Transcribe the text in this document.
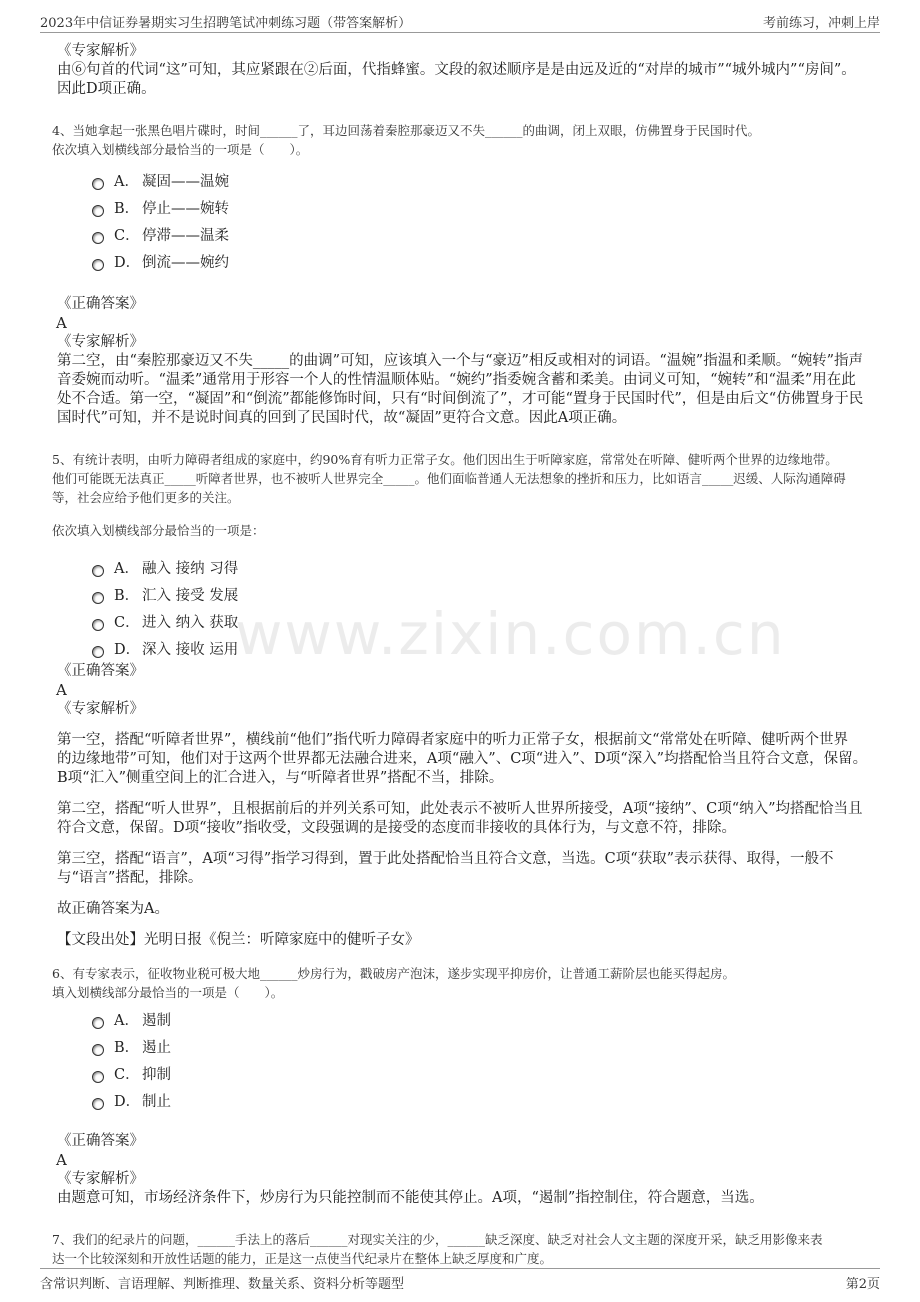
2023年中信证券暑期实习生招聘笔试冲刺练习题（带答案解析）	考前练习，冲刺上岸
www.zixin.com.cn

《专家解析》

由⑥句首的代词“这”可知，其应紧跟在②后面，代指蜂蜜。文段的叙述顺序是是由远及近的“对岸的城市”“城外城内”“房间”。

因此D项正确。

4、当她拿起一张黑色唱片碟时，时间______了，耳边回荡着秦腔那豪迈又不失______的曲调，闭上双眼，仿佛置身于民国时代。

依次填入划横线部分最恰当的一项是（　　）。

A． 凝固——温婉
B． 停止——婉转
C． 停滞——温柔
D． 倒流——婉约

《正确答案》

A

《专家解析》

第二空，由“秦腔那豪迈又不失_____的曲调”可知，应该填入一个与“豪迈”相反或相对的词语。“温婉”指温和柔顺。“婉转”指声

音委婉而动听。“温柔”通常用于形容一个人的性情温顺体贴。“婉约”指委婉含蓄和柔美。由词义可知，“婉转”和“温柔”用在此

处不合适。第一空，“凝固”和“倒流”都能修饰时间，只有“时间倒流了”，才可能“置身于民国时代”，但是由后文“仿佛置身于民

国时代”可知，并不是说时间真的回到了民国时代，故“凝固”更符合文意。因此A项正确。

5、有统计表明，由听力障碍者组成的家庭中，约90%育有听力正常子女。他们因出生于听障家庭，常常处在听障、健听两个世界的边缘地带。

他们可能既无法真正_____听障者世界，也不被听人世界完全_____。他们面临普通人无法想象的挫折和压力，比如语言_____迟缓、人际沟通障碍

等，社会应给予他们更多的关注。

依次填入划横线部分最恰当的一项是：

A． 融入 接纳 习得
B． 汇入 接受 发展
C． 进入 纳入 获取
D． 深入 接收 运用

《正确答案》

A

《专家解析》

第一空，搭配“听障者世界”，横线前“他们”指代听力障碍者家庭中的听力正常子女，根据前文“常常处在听障、健听两个世界

的边缘地带”可知，他们对于这两个世界都无法融合进来，A项“融入”、C项“进入”、D项“深入”均搭配恰当且符合文意，保留。

B项“汇入”侧重空间上的汇合进入，与“听障者世界”搭配不当，排除。

第二空，搭配“听人世界”，且根据前后的并列关系可知，此处表示不被听人世界所接受，A项“接纳”、C项“纳入”均搭配恰当且

符合文意，保留。D项“接收”指收受，文段强调的是接受的态度而非接收的具体行为，与文意不符，排除。

第三空，搭配“语言”，A项“习得”指学习得到，置于此处搭配恰当且符合文意，当选。C项“获取”表示获得、取得，一般不

与“语言”搭配，排除。

故正确答案为A。

【文段出处】光明日报《倪兰：听障家庭中的健听子女》

6、有专家表示，征收物业税可极大地______炒房行为，戳破房产泡沫，遂步实现平抑房价，让普通工薪阶层也能买得起房。

填入划横线部分最恰当的一项是（　　）。

A． 遏制
B． 遏止
C． 抑制
D． 制止

《正确答案》

A

《专家解析》

由题意可知，市场经济条件下，炒房行为只能控制而不能使其停止。A项，“遏制”指控制住，符合题意，当选。

7、我们的纪录片的问题，______手法上的落后______对现实关注的少，______缺乏深度、缺乏对社会人文主题的深度开采，缺乏用影像来表

达一个比较深刻和开放性话题的能力，正是这一点使当代纪录片在整体上缺乏厚度和广度。

含常识判断、言语理解、判断推理、数量关系、资料分析等题型	第2页
